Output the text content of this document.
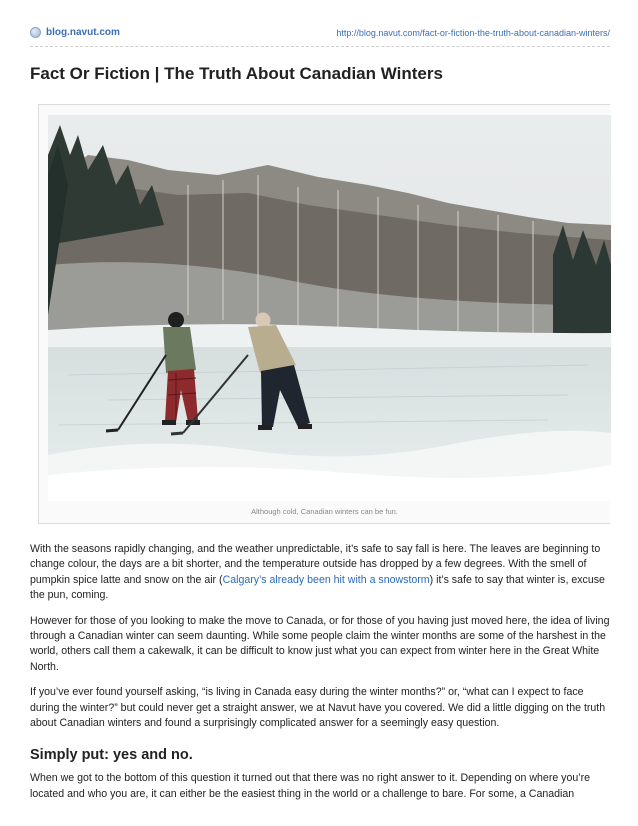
blog.navut.com	http://blog.navut.com/fact-or-fiction-the-truth-about-canadian-winters/
Fact Or Fiction | The Truth About Canadian Winters
Although cold, Canadian winters can be fun.

With the seasons rapidly changing, and the weather unpredictable, it’s safe to say fall is here. The leaves are beginning to change colour, the days are a bit shorter, and the temperature outside has dropped by a few degrees. With the smell of pumpkin spice latte and snow on the air (Calgary’s already been hit with a snowstorm) it’s safe to say that winter is, excuse the pun, coming.

However for those of you looking to make the move to Canada, or for those of you having just moved here, the idea of living through a Canadian winter can seem daunting. While some people claim the winter months are some of the harshest in the world, others call them a cakewalk, it can be difficult to know just what you can expect from winter here in the Great White North.

If you’ve ever found yourself asking, “is living in Canada easy during the winter months?” or, “what can I expect to face during the winter?” but could never get a straight answer, we at Navut have you covered. We did a little digging on the truth about Canadian winters and found a surprisingly complicated answer for a seemingly easy question.

Simply put: yes and no.

When we got to the bottom of this question it turned out that there was no right answer to it. Depending on where you’re located and who you are, it can either be the easiest thing in the world or a challenge to bare. For some, a Canadian
